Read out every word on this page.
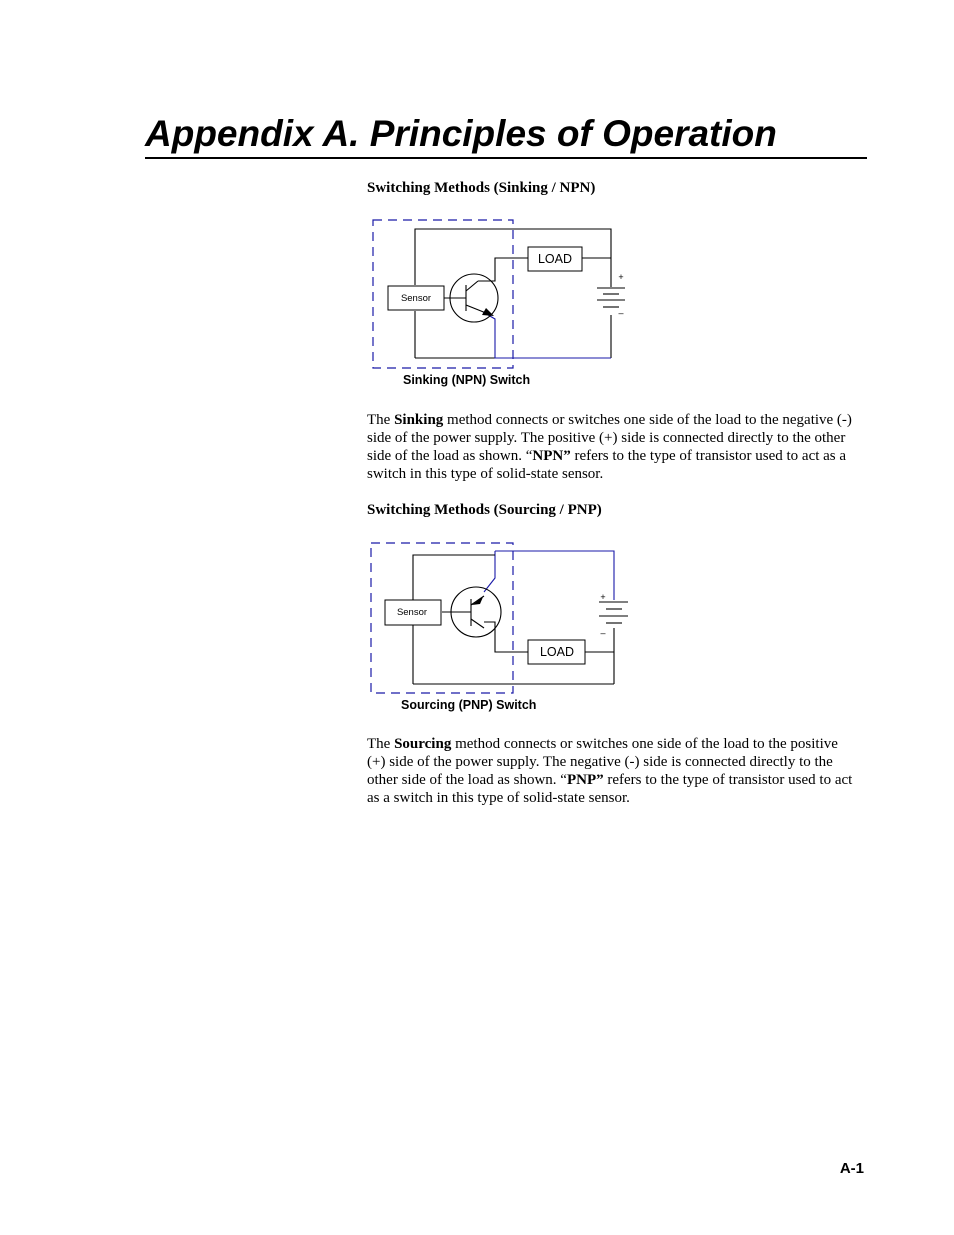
Appendix A. Principles of Operation
Switching Methods (Sinking / NPN)
Sensor
LOAD
+
–
Sinking (NPN) Switch

The Sinking method connects or switches one side of the load to the negative (-) side of the power supply. The positive (+) side is connected directly to the other side of the load as shown. “NPN” refers to the type of transistor used to act as a switch in this type of solid-state sensor.

Switching Methods (Sourcing / PNP)
Sensor
LOAD
+
–
Sourcing (PNP) Switch

The Sourcing method connects or switches one side of the load to the positive (+) side of the power supply. The negative (-) side is connected directly to the other side of the load as shown. “PNP” refers to the type of transistor used to act as a switch in this type of solid-state sensor.

A-1
